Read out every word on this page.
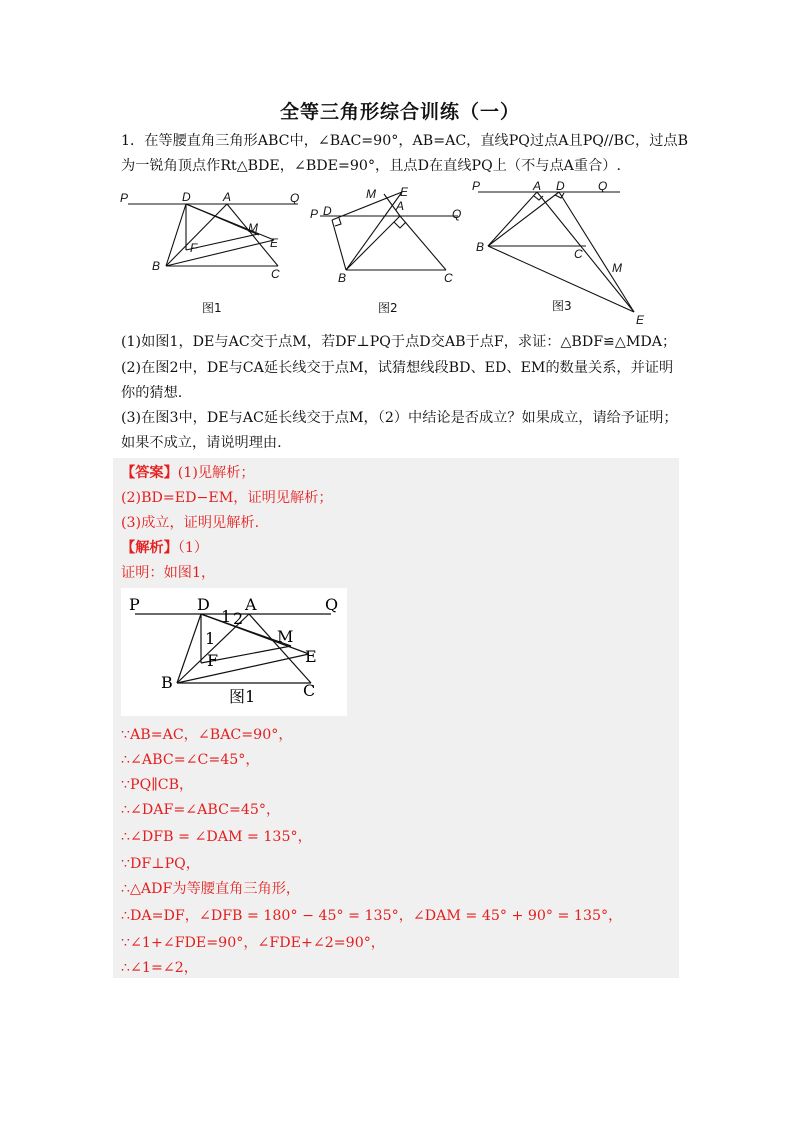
全等三角形综合训练（一）
1．在等腰直角三角形ABC中，∠BAC=90°，AB=AC，直线PQ过点A且PQ//BC，过点B
为一锐角顶点作Rt△BDE，∠BDE=90°，且点D在直线PQ上（不与点A重合）.
P	Q
D	A
M
E
F
B
C
图1
P	Q
D	A
M E
B	C
图2
P	Q
A D
B	C
M
E
图3
(1)如图1，DE与AC交于点M，若DF⊥PQ于点D交AB于点F，求证：△BDF≌△MDA；
(2)在图2中，DE与CA延长线交于点M，试猜想线段BD、ED、EM的数量关系，并证明
你的猜想.
(3)在图3中，DE与AC延长线交于点M，（2）中结论是否成立？如果成立，请给予证明；
如果不成立，请说明理由.
【答案】(1)见解析；
(2)BD=ED−EM，证明见解析；
(3)成立，证明见解析.
【解析】（1）
证明：如图1，
P	Q
D A
1 2
1	M
E
F
B	C
图1
∵AB=AC，∠BAC=90°，
∴∠ABC=∠C=45°，
∵PQ∥CB，
∴∠DAF=∠ABC=45°，
∴∠DFB = ∠DAM = 135°，
∵DF⊥PQ，
∴△ADF为等腰直角三角形，
∴DA=DF，∠DFB = 180° − 45° = 135°，∠DAM = 45° + 90° = 135°，
∵∠1+∠FDE=90°，∠FDE+∠2=90°，
∴∠1=∠2，
